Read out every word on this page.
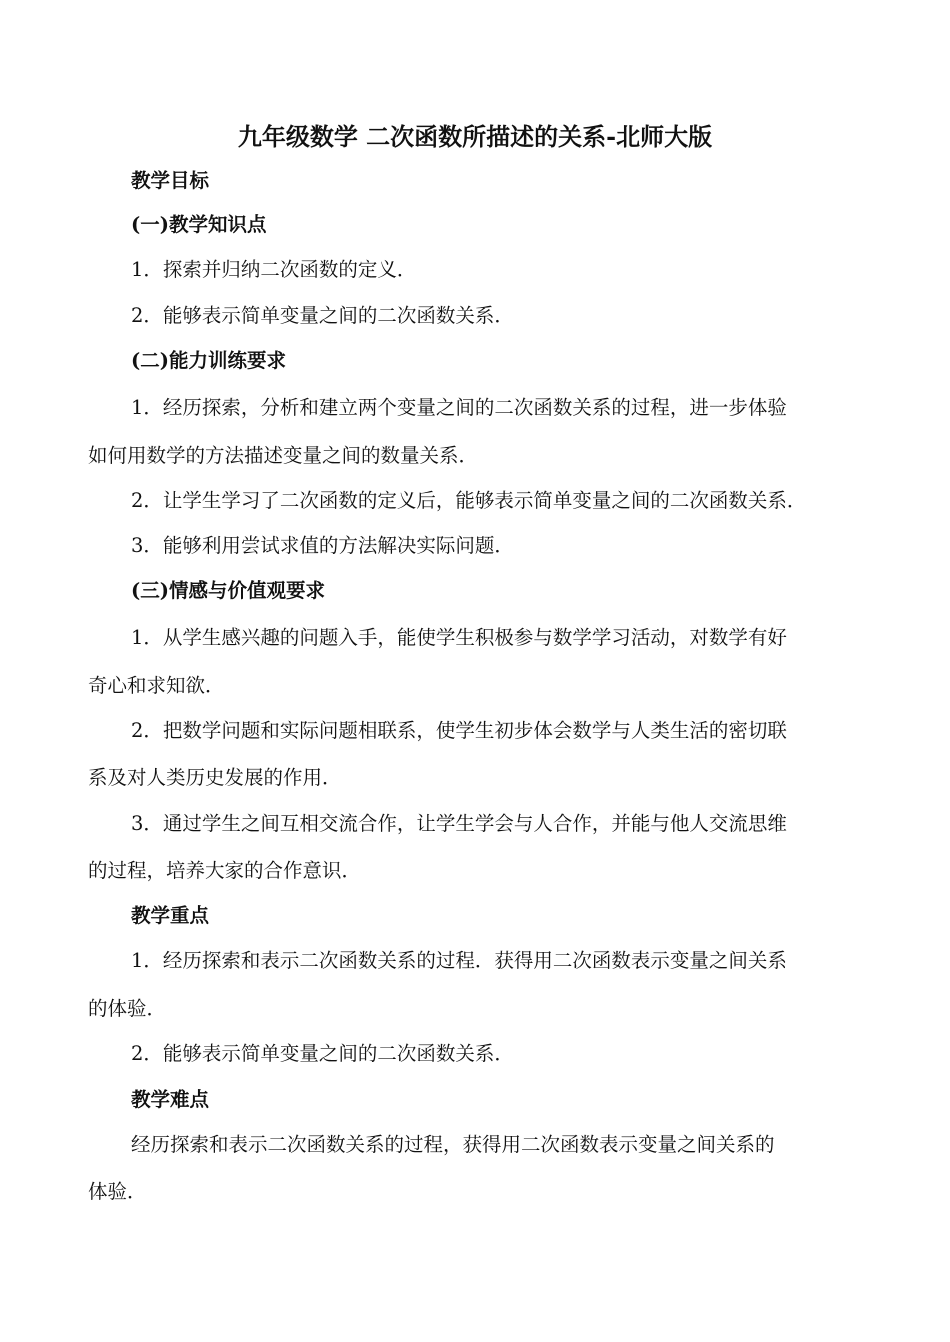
九年级数学 二次函数所描述的关系-北师大版
教学目标
(一)教学知识点
1．探索并归纳二次函数的定义．
2．能够表示简单变量之间的二次函数关系．
(二)能力训练要求
1．经历探索，分析和建立两个变量之间的二次函数关系的过程，进一步体验
如何用数学的方法描述变量之间的数量关系．
2．让学生学习了二次函数的定义后，能够表示简单变量之间的二次函数关系．
3．能够利用尝试求值的方法解决实际问题．
(三)情感与价值观要求
1．从学生感兴趣的问题入手，能使学生积极参与数学学习活动，对数学有好
奇心和求知欲．
2．把数学问题和实际问题相联系，使学生初步体会数学与人类生活的密切联
系及对人类历史发展的作用．
3．通过学生之间互相交流合作，让学生学会与人合作，并能与他人交流思维
的过程，培养大家的合作意识．
教学重点
1．经历探索和表示二次函数关系的过程．获得用二次函数表示变量之间关系
的体验．
2．能够表示简单变量之间的二次函数关系．
教学难点
经历探索和表示二次函数关系的过程，获得用二次函数表示变量之间关系的
体验．
